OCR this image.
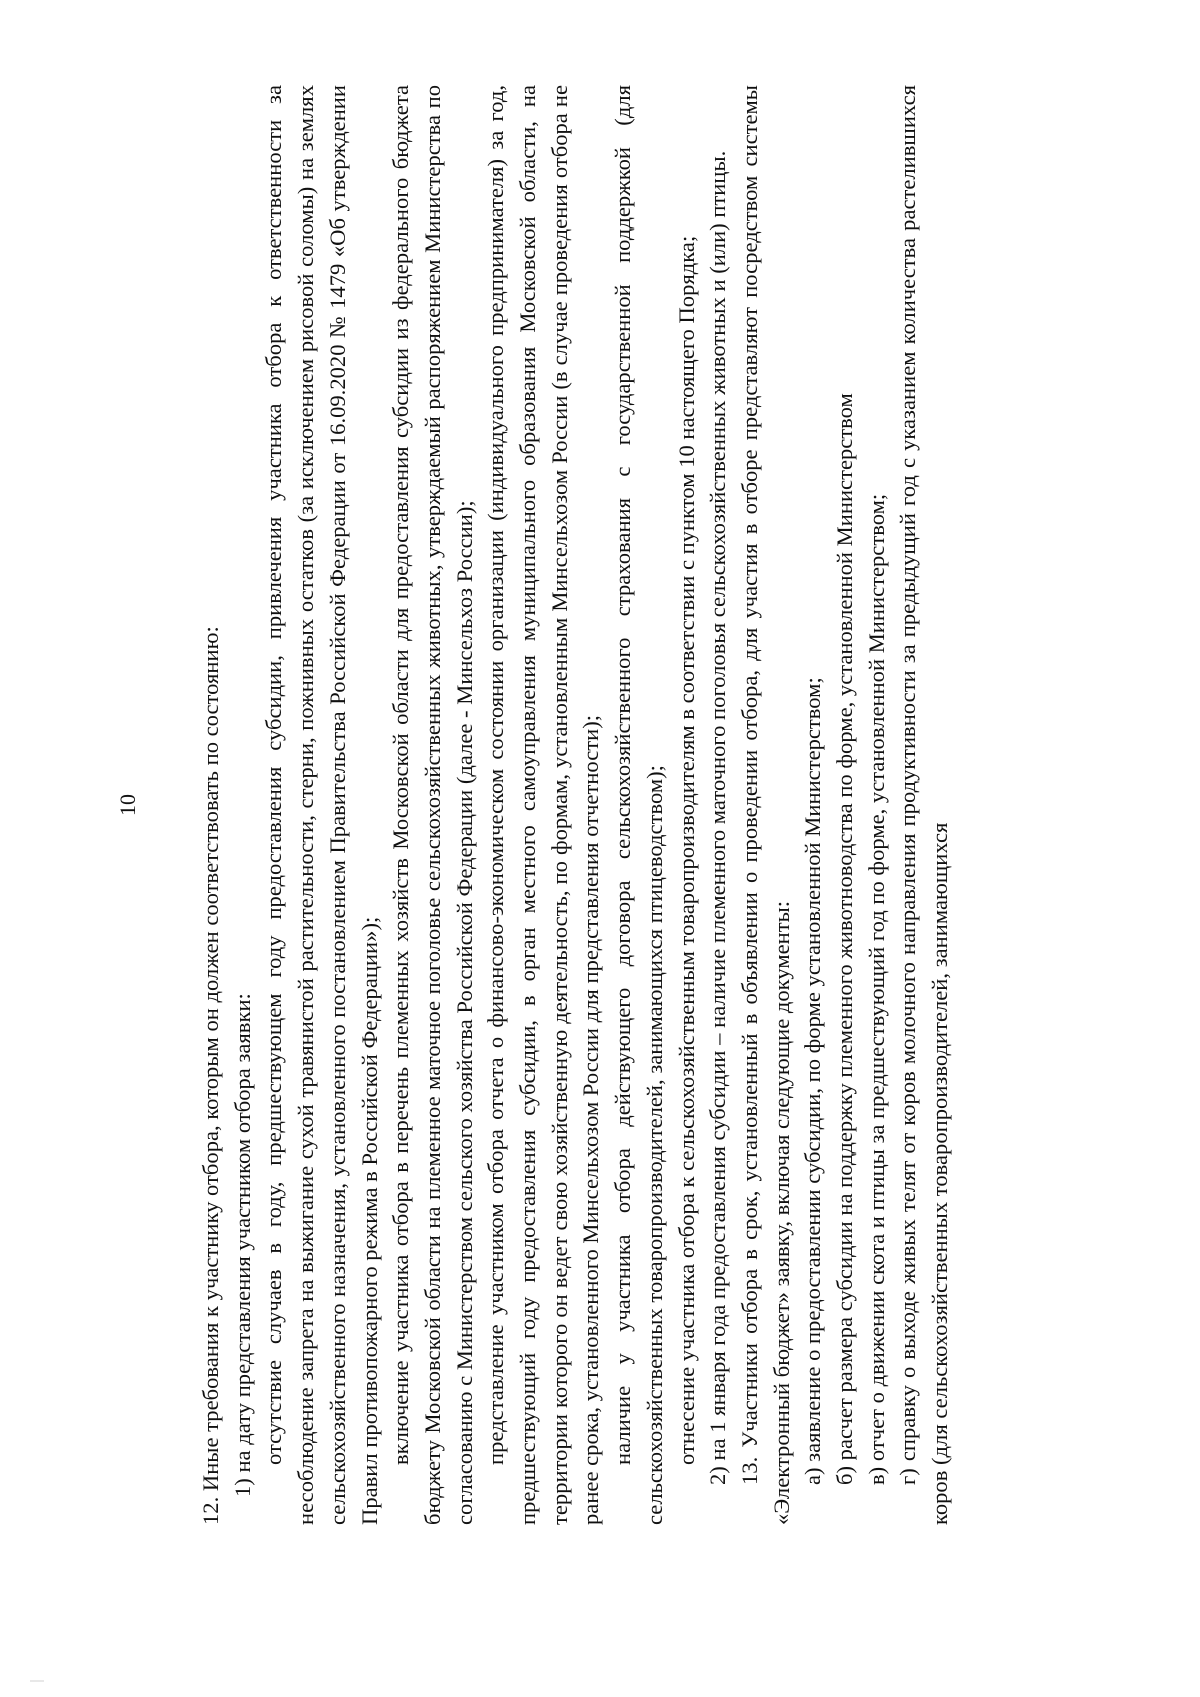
10	12. Иные требования к участнику отбора, которым он должен соответствовать по состоянию: 1) на дату представления участником отбора заявки: отсутствие случаев в году, предшествующем году предоставления субсидии, привлечения участника отбора к ответственности за несоблюдение запрета на выжигание сухой травянистой растительности, стерни, пожнивных остатков (за исключением рисовой соломы) на землях сельскохозяйственного назначения, установленного постановлением Правительства Российской Федерации от 16.09.2020 № 1479 «Об утверждении Правил противопожарного режима в Российской Федерации»); включение участника отбора в перечень племенных хозяйств Московской области для предоставления субсидии из федерального бюджета бюджету Московской области на племенное маточное поголовье сельскохозяйственных животных, утверждаемый распоряжением Министерства по согласованию с Министерством сельского хозяйства Российской Федерации (далее - Минсельхоз России); представление участником отбора отчета о финансово-экономическом состоянии организации (индивидуального предпринимателя) за год, предшествующий году предоставления субсидии, в орган местного самоуправления муниципального образования Московской области, на территории которого он ведет свою хозяйственную деятельность, по формам, установленным Минсельхозом России (в случае проведения отбора не ранее срока, установленного Минсельхозом России для представления отчетности); наличие у участника отбора действующего договора сельскохозяйственного страхования с государственной поддержкой (для сельскохозяйственных товаропроизводителей, занимающихся птицеводством); отнесение участника отбора к сельскохозяйственным товаропроизводителям в соответствии с пунктом 10 настоящего Порядка; 2) на 1 января года предоставления субсидии – наличие племенного маточного поголовья сельскохозяйственных животных и (или) птицы. 13. Участники отбора в срок, установленный в объявлении о проведении отбора, для участия в отборе представляют посредством системы «Электронный бюджет» заявку, включая следующие документы: а) заявление о предоставлении субсидии, по форме установленной Министерством; б) расчет размера субсидии на поддержку племенного животноводства по форме, установленной Министерством в) отчет о движении скота и птицы за предшествующий год по форме, установленной Министерством; г) справку о выходе живых телят от коров молочного направления продуктивности за предыдущий год с указанием количества растелившихся коров (для сельскохозяйственных товаропроизводителей, занимающихся
